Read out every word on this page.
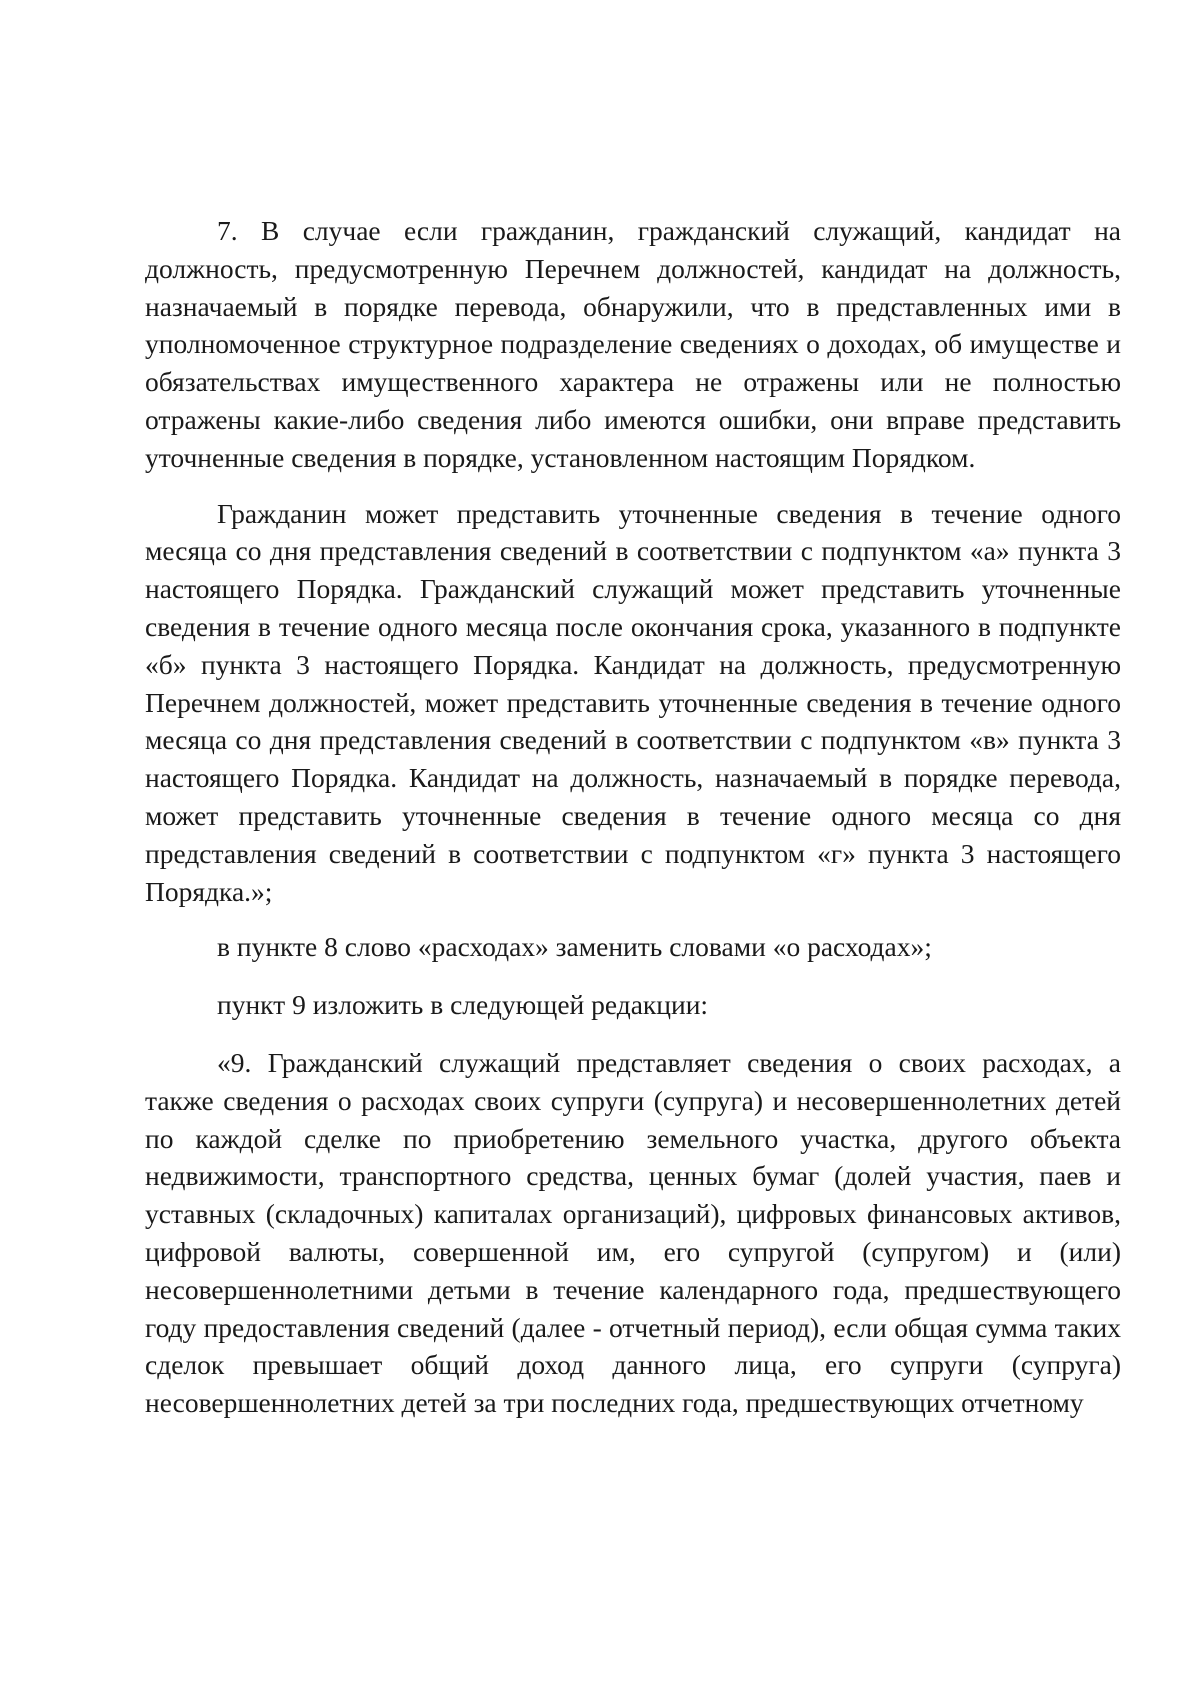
7. В случае если гражданин, гражданский служащий, кандидат на должность, предусмотренную Перечнем должностей, кандидат на должность, назначаемый в порядке перевода, обнаружили, что в представленных ими в уполномоченное структурное подразделение сведениях о доходах, об имуществе и обязательствах имущественного характера не отражены или не полностью отражены какие-либо сведения либо имеются ошибки, они вправе представить уточненные сведения в порядке, установленном настоящим Порядком.

Гражданин может представить уточненные сведения в течение одного месяца со дня представления сведений в соответствии с подпунктом «а» пункта 3 настоящего Порядка. Гражданский служащий может представить уточненные сведения в течение одного месяца после окончания срока, указанного в подпункте «б» пункта 3 настоящего Порядка. Кандидат на должность, предусмотренную Перечнем должностей, может представить уточненные сведения в течение одного месяца со дня представления сведений в соответствии с подпунктом «в» пункта 3 настоящего Порядка. Кандидат на должность, назначаемый в порядке перевода, может представить уточненные сведения в течение одного месяца со дня представления сведений в соответствии с подпунктом «г» пункта 3 настоящего Порядка.»;

в пункте 8 слово «расходах» заменить словами «о расходах»;

пункт 9 изложить в следующей редакции:

«9. Гражданский служащий представляет сведения о своих расходах, а также сведения о расходах своих супруги (супруга) и несовершеннолетних детей по каждой сделке по приобретению земельного участка, другого объекта недвижимости, транспортного средства, ценных бумаг (долей участия, паев и уставных (складочных) капиталах организаций), цифровых финансовых активов, цифровой валюты, совершенной им, его супругой (супругом) и (или) несовершеннолетними детьми в течение календарного года, предшествующего году предоставления сведений (далее - отчетный период), если общая сумма таких сделок превышает общий доход данного лица, его супруги (супруга) несовершеннолетних детей за три последних года, предшествующих отчетному
